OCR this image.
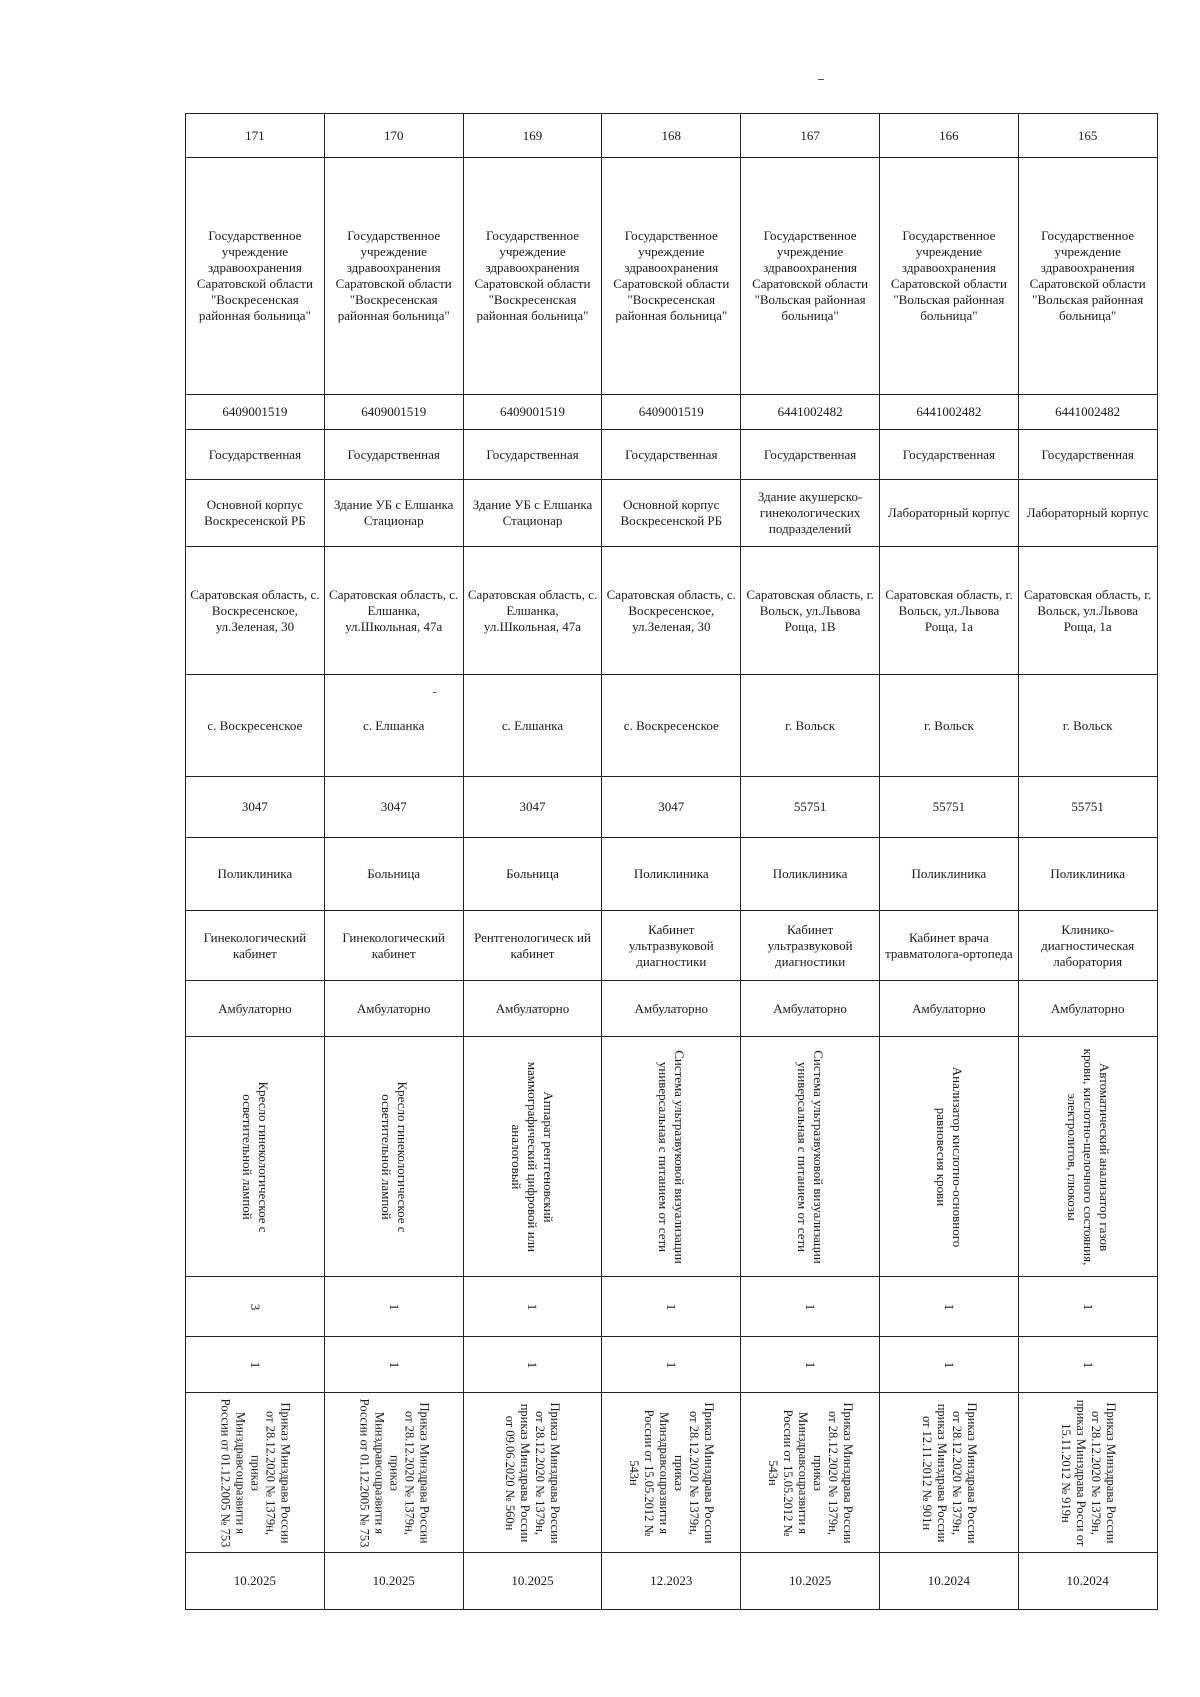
171	170	169	168	167	166	165
Государственное учреждение здравоохранения Саратовской области "Воскресенская районная больница"	Государственное учреждение здравоохранения Саратовской области "Воскресенская районная больница"	Государственное учреждение здравоохранения Саратовской области "Воскресенская районная больница"	Государственное учреждение здравоохранения Саратовской области "Воскресенская районная больница"	Государственное учреждение здравоохранения Саратовской области "Вольская районная больница"	Государственное учреждение здравоохранения Саратовской области "Вольская районная больница"	Государственное учреждение здравоохранения Саратовской области "Вольская районная больница"
6409001519	6409001519	6409001519	6409001519	6441002482	6441002482	6441002482
Государственная	Государственная	Государственная	Государственная	Государственная	Государственная	Государственная
Основной корпус Воскресенской РБ	Здание УБ с Елшанка Стационар	Здание УБ с Елшанка Стационар	Основной корпус Воскресенской РБ	Здание акушерско-гинекологических подразделений	Лабораторный корпус	Лабораторный корпус
Саратовская область, с. Воскресенское, ул.Зеленая, 30	Саратовская область, с. Елшанка, ул.Школьная, 47а	Саратовская область, с. Елшанка, ул.Школьная, 47а	Саратовская область, с. Воскресенское, ул.Зеленая, 30	Саратовская область, г. Вольск, ул.Львова Роща, 1В	Саратовская область, г. Вольск, ул.Львова Роща, 1а	Саратовская область, г. Вольск, ул.Львова Роща, 1а
с. Воскресенское	с. Елшанка	с. Елшанка	с. Воскресенское	г. Вольск	г. Вольск	г. Вольск
3047	3047	3047	3047	55751	55751	55751
Поликлиника	Больница	Больница	Поликлиника	Поликлиника	Поликлиника	Поликлиника
Гинекологический кабинет	Гинекологический кабинет	Рентгенологическ ий кабинет	Кабинет ультразвуковой диагностики	Кабинет ультразвуковой диагностики	Кабинет врача травматолога-ортопеда	Клинико-диагностическая лаборатория
Амбулаторно	Амбулаторно	Амбулаторно	Амбулаторно	Амбулаторно	Амбулаторно	Амбулаторно

Кресло гинекологическое с осветительной лампой	Кресло гинекологическое с осветительной лампой	Аппарат рентгеновский маммографический цифровой или аналоговый	Система ультразвуковой визуализации универсальная с питанием от сети	Система ультразвуковой визуализации универсальная с питанием от сети	Анализатор кислотно-основного равновесия крови	Автоматический анализатор газов крови, кислотно-щелочного состояния, электролитов, глюкозы

3	1	1	1	1	1	1

1	1	1	1	1	1	1

Приказ Минздрава России от 28.12.2020 № 1379н, приказ Минздравсоцразвити я России от 01.12.2005 № 753	Приказ Минздрава России от 28.12.2020 № 1379н, приказ Минздравсоцразвити я России от 01.12.2005 № 753	Приказ Минздрава России от 28.12.2020 № 1379н, приказ Минздрава России от 09.06.2020 № 560н	Приказ Минздрава России от 28.12.2020 № 1379н, приказ Минздравсоцразвити я России от 15.05.2012 № 543н	Приказ Минздрава России от 28.12.2020 № 1379н, приказ Минздравсоцразвити я России от 15.05.2012 № 543н	Приказ Минздрава России от 28.12.2020 № 1379н, приказ Минздрава России от 12.11.2012 № 901н	Приказ Минздрава России от 28.12.2020 № 1379н, приказ Минздрава Росси от 15.11.2012 № 919н

10.2025	10.2025	10.2025	12.2023	10.2025	10.2024	10.2024
